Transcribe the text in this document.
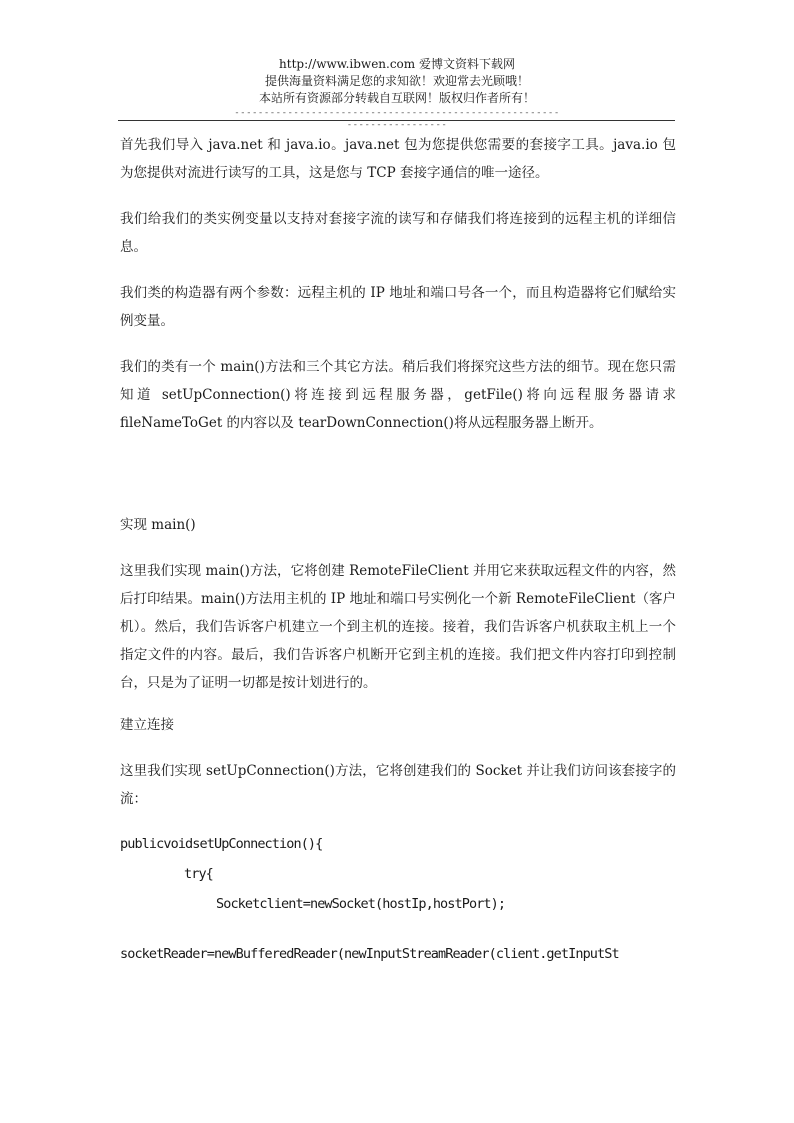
http://www.ibwen.com 爱博文资料下载网
提供海量资料满足您的求知欲！欢迎常去光顾哦！
本站所有资源部分转载自互联网！版权归作者所有！
------------------------------------------------------------------------

首先我们导入 java.net 和 java.io。java.net 包为您提供您需要的套接字工具。java.io 包为您提供对流进行读写的工具，这是您与 TCP 套接字通信的唯一途径。

我们给我们的类实例变量以支持对套接字流的读写和存储我们将连接到的远程主机的详细信息。

我们类的构造器有两个参数：远程主机的 IP 地址和端口号各一个，而且构造器将它们赋给实例变量。

我们的类有一个 main()方法和三个其它方法。稍后我们将探究这些方法的细节。现在您只需知道 setUpConnection()将连接到远程服务器，getFile()将向远程服务器请求 fileNameToGet 的内容以及 tearDownConnection()将从远程服务器上断开。

实现 main()

这里我们实现 main()方法，它将创建 RemoteFileClient 并用它来获取远程文件的内容，然后打印结果。main()方法用主机的 IP 地址和端口号实例化一个新 RemoteFileClient（客户机）。然后，我们告诉客户机建立一个到主机的连接。接着，我们告诉客户机获取主机上一个指定文件的内容。最后，我们告诉客户机断开它到主机的连接。我们把文件内容打印到控制台，只是为了证明一切都是按计划进行的。

建立连接

这里我们实现 setUpConnection()方法，它将创建我们的 Socket 并让我们访问该套接字的流：

publicvoidsetUpConnection(){

try{

Socketclient=newSocket(hostIp,hostPort);

socketReader=newBufferedReader(newInputStreamReader(client.getInputSt
